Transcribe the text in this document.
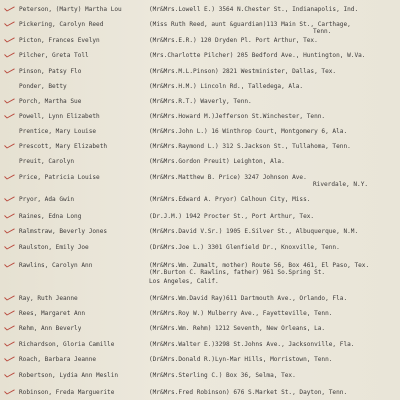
Peterson, (Marty) Martha Lou	(Mr&Mrs.Lowell E.) 3564 N.Chester St., Indianapolis, Ind.
Pickering, Carolyn Reed	(Miss Ruth Reed, aunt &guardian)113 Main St., Carthage,
Tenn.
Picton, Frances Evelyn	(Mr&Mrs.E.R.) 120 Dryden Pl. Port Arthur, Tex.
Pilcher, Greta Toll	(Mrs.Charlotte Pilcher) 205 Bedford Ave., Huntington, W.Va.
Pinson, Patsy Flo	(Mr&Mrs.M.L.Pinson) 2821 Westminister, Dallas, Tex.
Ponder, Betty	(Mr&Mrs.H.M.) Lincoln Rd., Talledega, Ala.
Porch, Martha Sue	(Mr&Mrs.R.T.) Waverly, Tenn.
Powell, Lynn Elizabeth	(Mr&Mrs.Howard M.)Jefferson St.Winchester, Tenn.
Prentice, Mary Louise	(Mr&Mrs.John L.) 16 Winthrop Court, Montgomery 6, Ala.
Prescott, Mary Elizabeth	(Mr&Mrs.Raymond L.) 312 S.Jackson St., Tullahoma, Tenn.
Preuit, Carolyn	(Mr&Mrs.Gordon Preuit) Leighton, Ala.
Price, Patricia Louise	(Mr&Mrs.Matthew B. Price) 3247 Johnson Ave.
Riverdale, N.Y.
Pryor, Ada Gwin	(Mr&Mrs.Edward A. Pryor) Calhoun City, Miss.
Raines, Edna Long	(Dr.J.M.) 1942 Procter St., Port Arthur, Tex.
Ralmstraw, Beverly Jones	(Mr&Mrs.David V.Sr.) 1905 E.Silver St., Albuquerque, N.M.
Raulston, Emily Joe	(Dr&Mrs.Joe L.) 3301 Glenfield Dr., Knoxville, Tenn.
Rawlins, Carolyn Ann	(Mr&Mrs.Wm. Zumalt, mother) Route 56, Box 461, El Paso, Tex.
(Mr.Burton C. Rawlins, father) 961 So.Spring St.
Los Angeles, Calif.
Ray, Ruth Jeanne	(Mr&Mrs.Wm.David Ray)611 Dartmouth Ave., Orlando, Fla.
Rees, Margaret Ann	(Mr&Mrs.Roy W.) Mulberry Ave., Fayetteville, Tenn.
Rehm, Ann Beverly	(Mr&Mrs.Wm. Rehm) 1212 Seventh, New Orleans, La.
Richardson, Gloria Camille	(Mr&Mrs.Walter E.)3298 St.Johns Ave., Jacksonville, Fla.
Roach, Barbara Jeanne	(Dr&Mrs.Donald R.)Lyn-Mar Hills, Morristown, Tenn.
Robertson, Lydia Ann Meslin	(Mr&Mrs.Sterling C.) Box 36, Selma, Tex.
Robinson, Freda Marguerite	(Mr&Mrs.Fred Robinson) 676 S.Market St., Dayton, Tenn.
